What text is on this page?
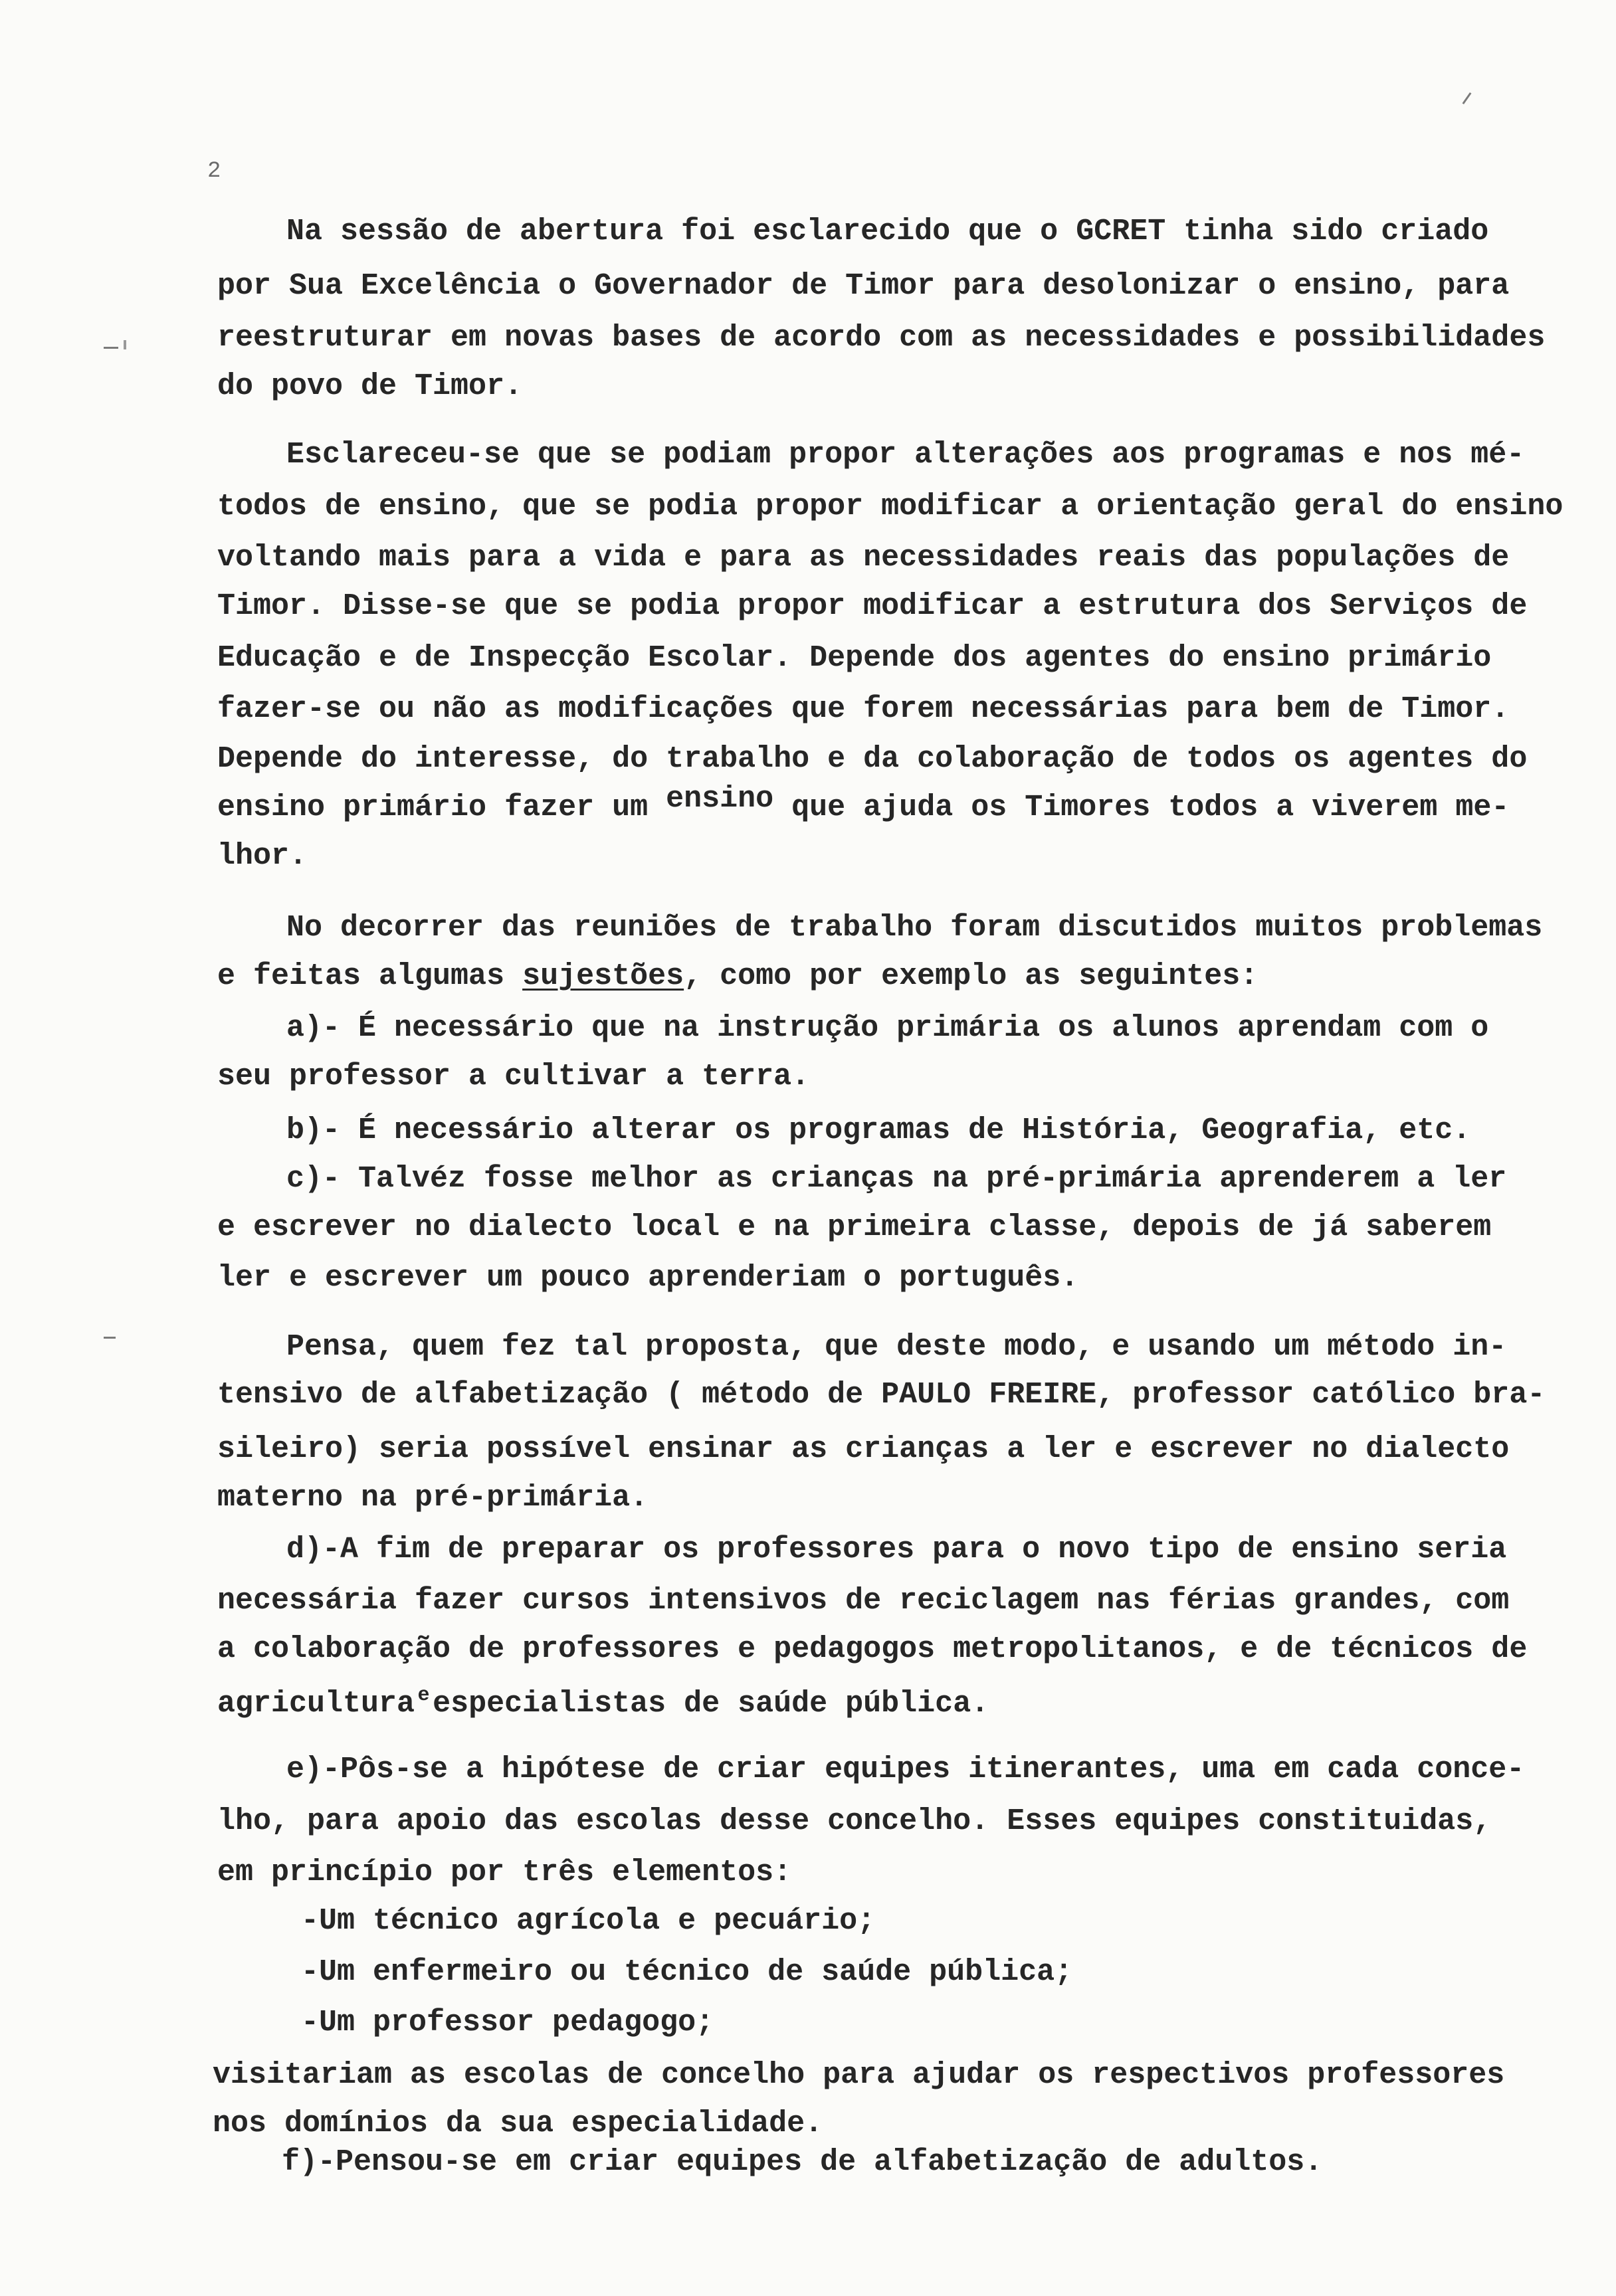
2
Na sessão de abertura foi esclarecido que o GCRET tinha sido criado
por Sua Excelência o Governador de Timor para desolonizar o ensino, para
reestruturar em novas bases de acordo com as necessidades e possibilidades
do povo de Timor.
Esclareceu-se que se podiam propor alterações aos programas e nos mé-
todos de ensino, que se podia propor modificar a orientação geral do ensino
voltando mais para a vida e para as necessidades reais das populações de
Timor. Disse-se que se podia propor modificar a estrutura dos Serviços de
Educação e de Inspecção Escolar. Depende dos agentes do ensino primário
fazer-se ou não as modificações que forem necessárias para bem de Timor.
Depende do interesse, do trabalho e da colaboração de todos os agentes do
ensino primário fazer um ensino que ajuda os Timores todos a viverem me-
lhor.
No decorrer das reuniões de trabalho foram discutidos muitos problemas
e feitas algumas sujestões, como por exemplo as seguintes:
a)- É necessário que na instrução primária os alunos aprendam com o
seu professor a cultivar a terra.
b)- É necessário alterar os programas de História, Geografia, etc.
c)- Talvéz fosse melhor as crianças na pré-primária aprenderem a ler
e escrever no dialecto local e na primeira classe, depois de já saberem
ler e escrever um pouco aprenderiam o português.
Pensa, quem fez tal proposta, que deste modo, e usando um método in-
tensivo de alfabetização ( método de PAULO FREIRE, professor católico bra-
sileiro) seria possível ensinar as crianças a ler e escrever no dialecto
materno na pré-primária.
d)-A fim de preparar os professores para o novo tipo de ensino seria
necessária fazer cursos intensivos de reciclagem nas férias grandes, com
a colaboração de professores e pedagogos metropolitanos, e de técnicos de
agricultura e especialistas de saúde pública.
e)-Pôs-se a hipótese de criar equipes itinerantes, uma em cada conce-
lho, para apoio das escolas desse concelho. Esses equipes constituidas,
em princípio por três elementos:
-Um técnico agrícola e pecuário;
-Um enfermeiro ou técnico de saúde pública;
-Um professor pedagogo;
visitariam as escolas de concelho para ajudar os respectivos professores
nos domínios da sua especialidade.
f)-Pensou-se em criar equipes de alfabetização de adultos.
